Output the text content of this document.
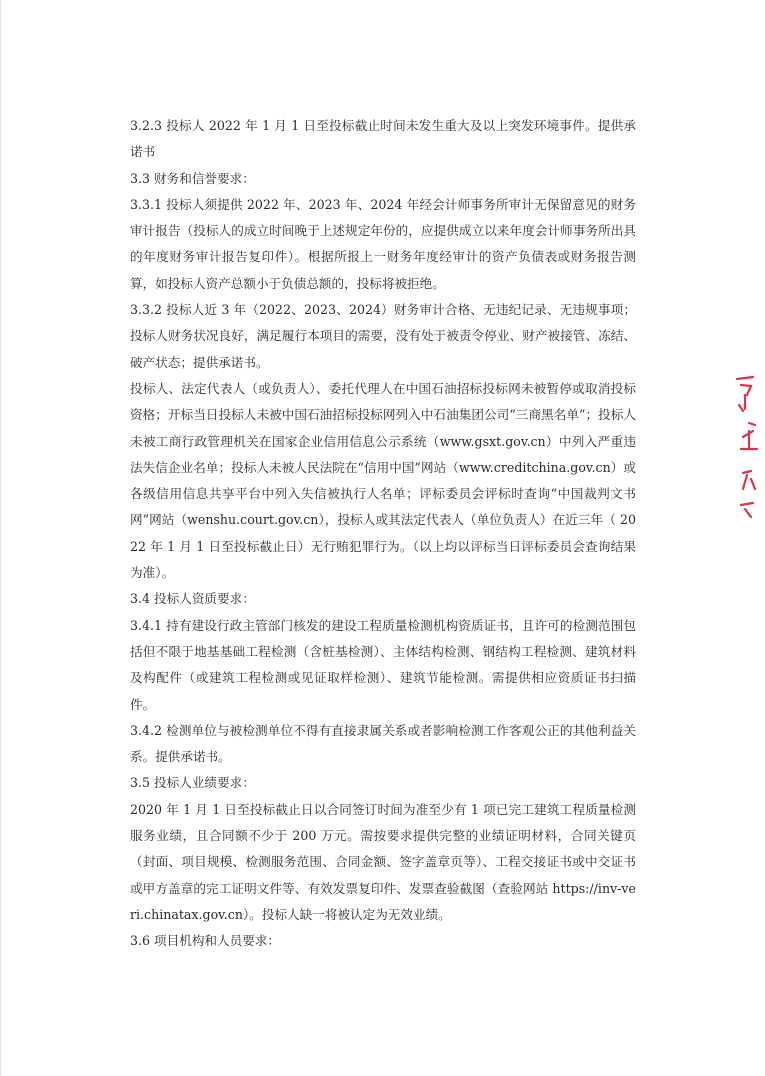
3.2.3 投标人 2022 年 1 月 1 日至投标截止时间未发生重大及以上突发环境事件。提供承诺书

3.3 财务和信誉要求：

3.3.1 投标人须提供 2022 年、2023 年、2024 年经会计师事务所审计无保留意见的财务审计报告（投标人的成立时间晚于上述规定年份的，应提供成立以来年度会计师事务所出具的年度财务审计报告复印件）。根据所报上一财务年度经审计的资产负债表或财务报告测算，如投标人资产总额小于负债总额的，投标将被拒绝。

3.3.2 投标人近 3 年（2022、2023、2024）财务审计合格、无违纪记录、无违规事项；投标人财务状况良好，满足履行本项目的需要，没有处于被责令停业、财产被接管、冻结、破产状态；提供承诺书。

投标人、法定代表人（或负责人）、委托代理人在中国石油招标投标网未被暂停或取消投标资格；开标当日投标人未被中国石油招标投标网列入中石油集团公司“三商黑名单”；投标人未被工商行政管理机关在国家企业信用信息公示系统（www.gsxt.gov.cn）中列入严重违法失信企业名单；投标人未被人民法院在“信用中国”网站（www.creditchina.gov.cn）或各级信用信息共享平台中列入失信被执行人名单；评标委员会评标时查询“中国裁判文书网”网站（wenshu.court.gov.cn），投标人或其法定代表人（单位负责人）在近三年（ 2022 年 1 月 1 日至投标截止日）无行贿犯罪行为。（以上均以评标当日评标委员会查询结果为准）。

3.4 投标人资质要求：

3.4.1 持有建设行政主管部门核发的建设工程质量检测机构资质证书，且许可的检测范围包括但不限于地基基础工程检测（含桩基检测）、主体结构检测、钢结构工程检测、建筑材料及构配件（或建筑工程检测或见证取样检测）、建筑节能检测。需提供相应资质证书扫描件。

3.4.2 检测单位与被检测单位不得有直接隶属关系或者影响检测工作客观公正的其他利益关系。提供承诺书。

3.5 投标人业绩要求：

2020 年 1 月 1 日至投标截止日以合同签订时间为准至少有 1 项已完工建筑工程质量检测服务业绩，且合同额不少于 200 万元。需按要求提供完整的业绩证明材料，合同关键页（封面、项目规模、检测服务范围、合同金额、签字盖章页等）、工程交接证书或中交证书或甲方盖章的完工证明文件等、有效发票复印件、发票查验截图（查验网站 https://inv-veri.chinatax.gov.cn）。投标人缺一将被认定为无效业绩。

3.6 项目机构和人员要求：
